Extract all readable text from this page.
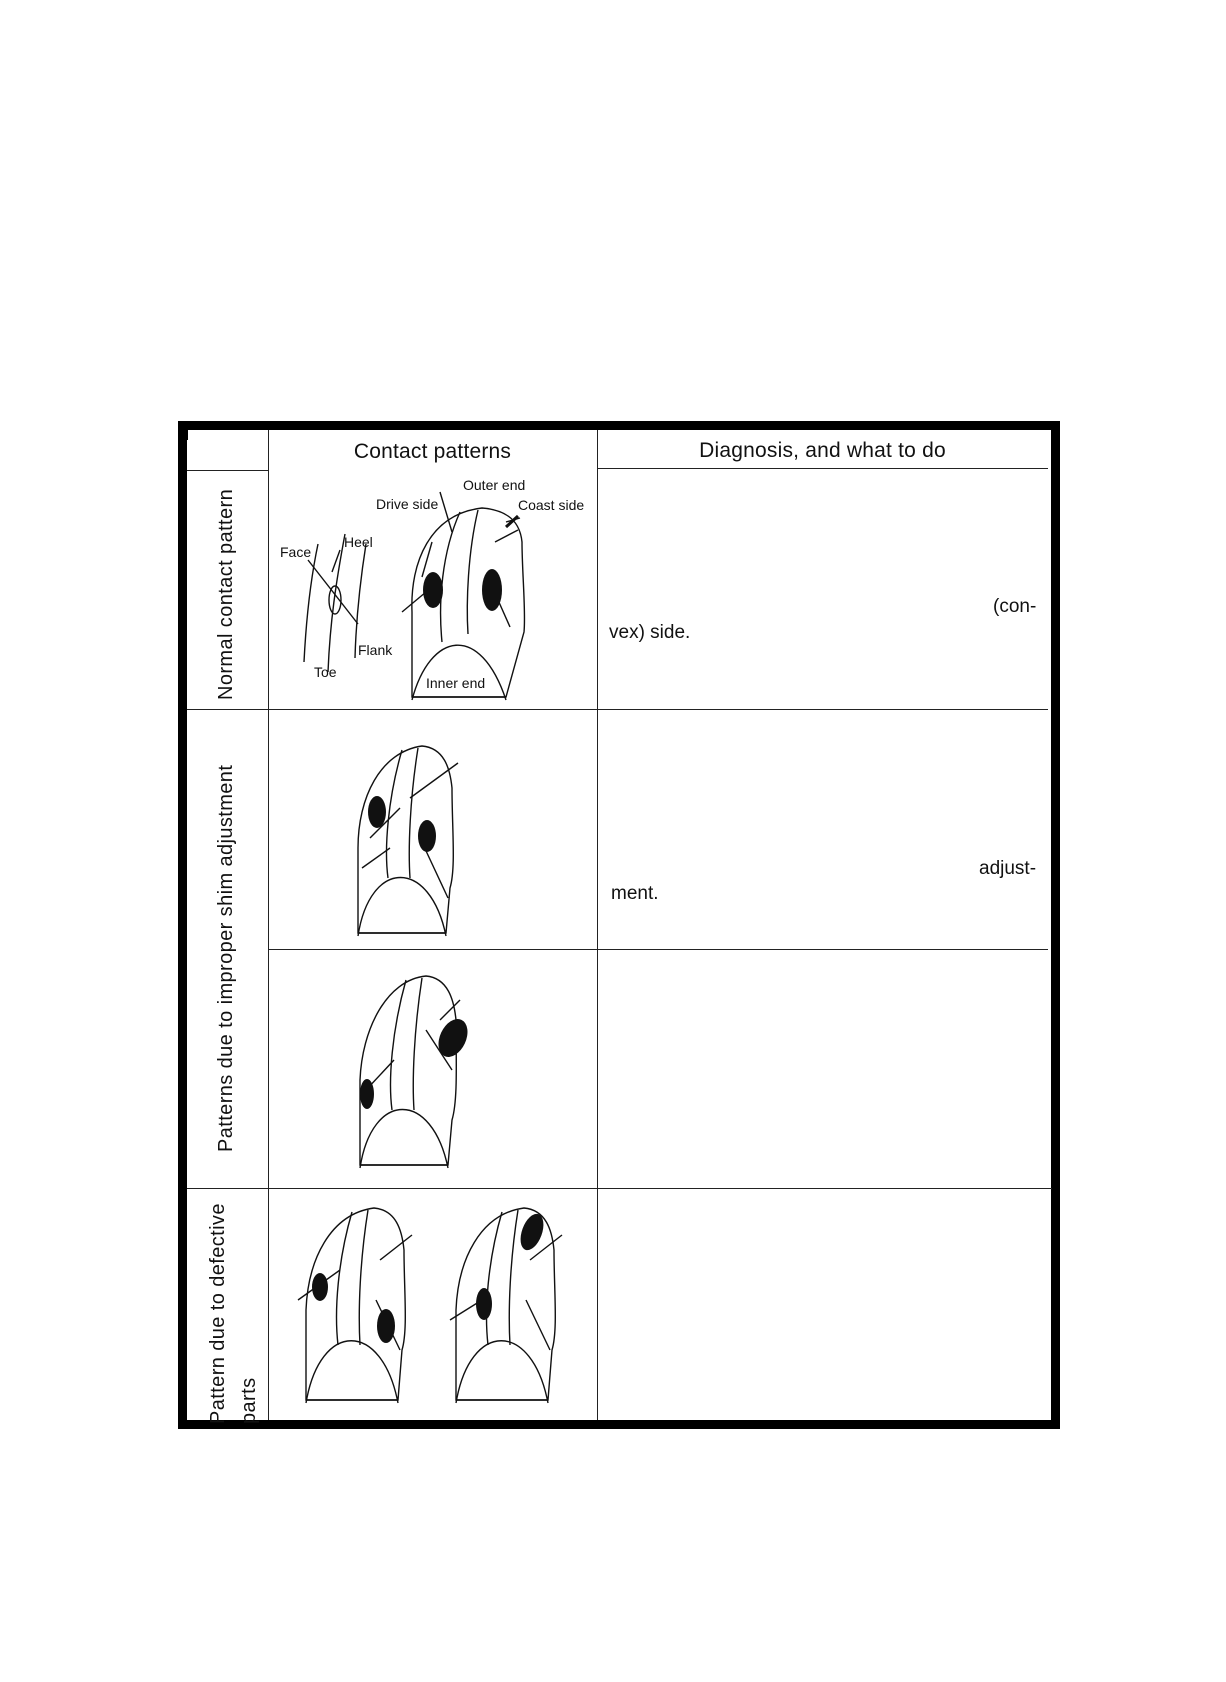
Contact patterns	Diagnosis, and what to do
Normal contact pattern
Patterns due to improper shim adjustment
Pattern due to defective parts
(con-
vex) side.
adjust-
ment.
Outer end
Drive side	Coast side
Heel
Face
Flank
Toe
Inner end
